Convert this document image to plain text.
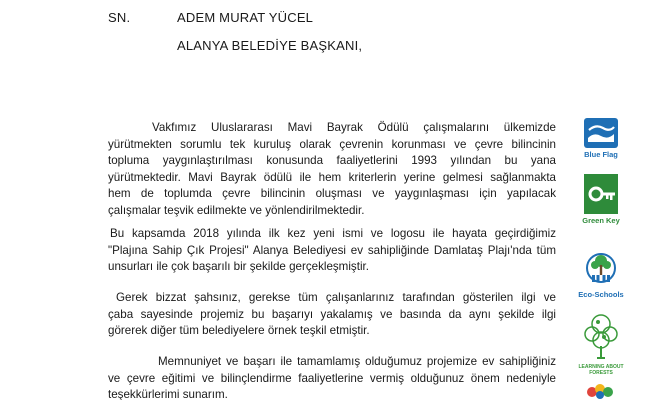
SN.	ADEM MURAT YÜCEL
ALANYA BELEDİYE BAŞKANI,
Vakfımız Uluslararası Mavi Bayrak Ödülü çalışmalarını ülkemizde
yürütmekten sorumlu tek kuruluş olarak çevrenin korunması ve çevre bilincinin
topluma yaygınlaştırılması konusunda faaliyetlerini 1993 yılından bu yana
yürütmektedir. Mavi Bayrak ödülü ile hem kriterlerin yerine gelmesi sağlanmakta
hem de toplumda çevre bilincinin oluşması ve yaygınlaşması için yapılacak
çalışmalar teşvik edilmekte ve yönlendirilmektedir.
Bu kapsamda 2018 yılında ilk kez yeni ismi ve logosu ile hayata geçirdiğimiz
"Plajına Sahip Çık Projesi" Alanya Belediyesi ev sahipliğinde Damlataş Plajı'nda tüm
unsurları ile çok başarılı bir şekilde gerçekleşmiştir.
Gerek bizzat şahsınız, gerekse tüm çalışanlarınız tarafından gösterilen ilgi ve
çaba sayesinde projemiz bu başarıyı yakalamış ve basında da aynı şekilde ilgi
görerek diğer tüm belediyelere örnek teşkil etmiştir.
Memnuniyet ve başarı ile tamamlamış olduğumuz projemize ev sahipliğiniz
ve çevre eğitimi ve bilinçlendirme faaliyetlerine vermiş olduğunuz önem nedeniyle
teşekkürlerimi sunarım.
Blue Flag
Green Key
Eco-Schools
LEARNING ABOUT FORESTS
